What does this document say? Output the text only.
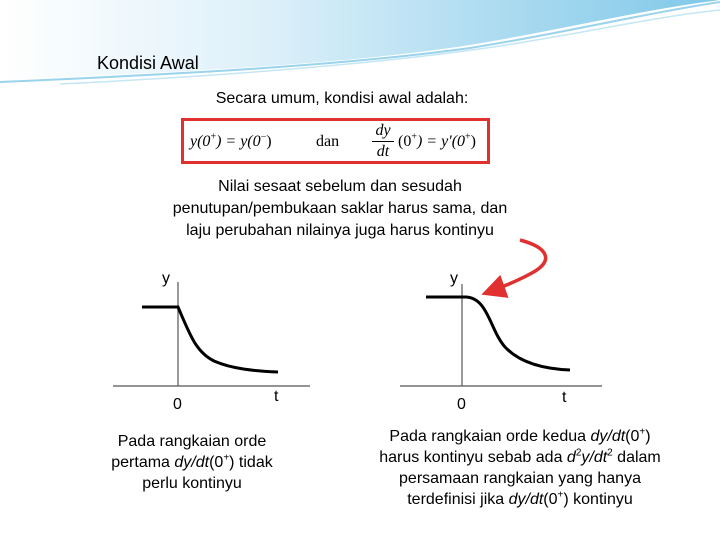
Kondisi Awal
Secara umum, kondisi awal adalah:
y(0+) = y(0−)	dan
dy
dt
(0+) = y′(0+)
Nilai sesaat sebelum dan sesudah
penutupan/pembukaan saklar harus sama, dan
laju perubahan nilainya juga harus kontinyu
y
0	t
y
0	t
Pada rangkaian orde
pertama dy/dt(0+) tidak
perlu kontinyu
Pada rangkaian orde kedua dy/dt(0+)
harus kontinyu sebab ada $d^2y/dt^2$ dalam
persamaan rangkaian yang hanya
terdefinisi jika dy/dt(0+) kontinyu
